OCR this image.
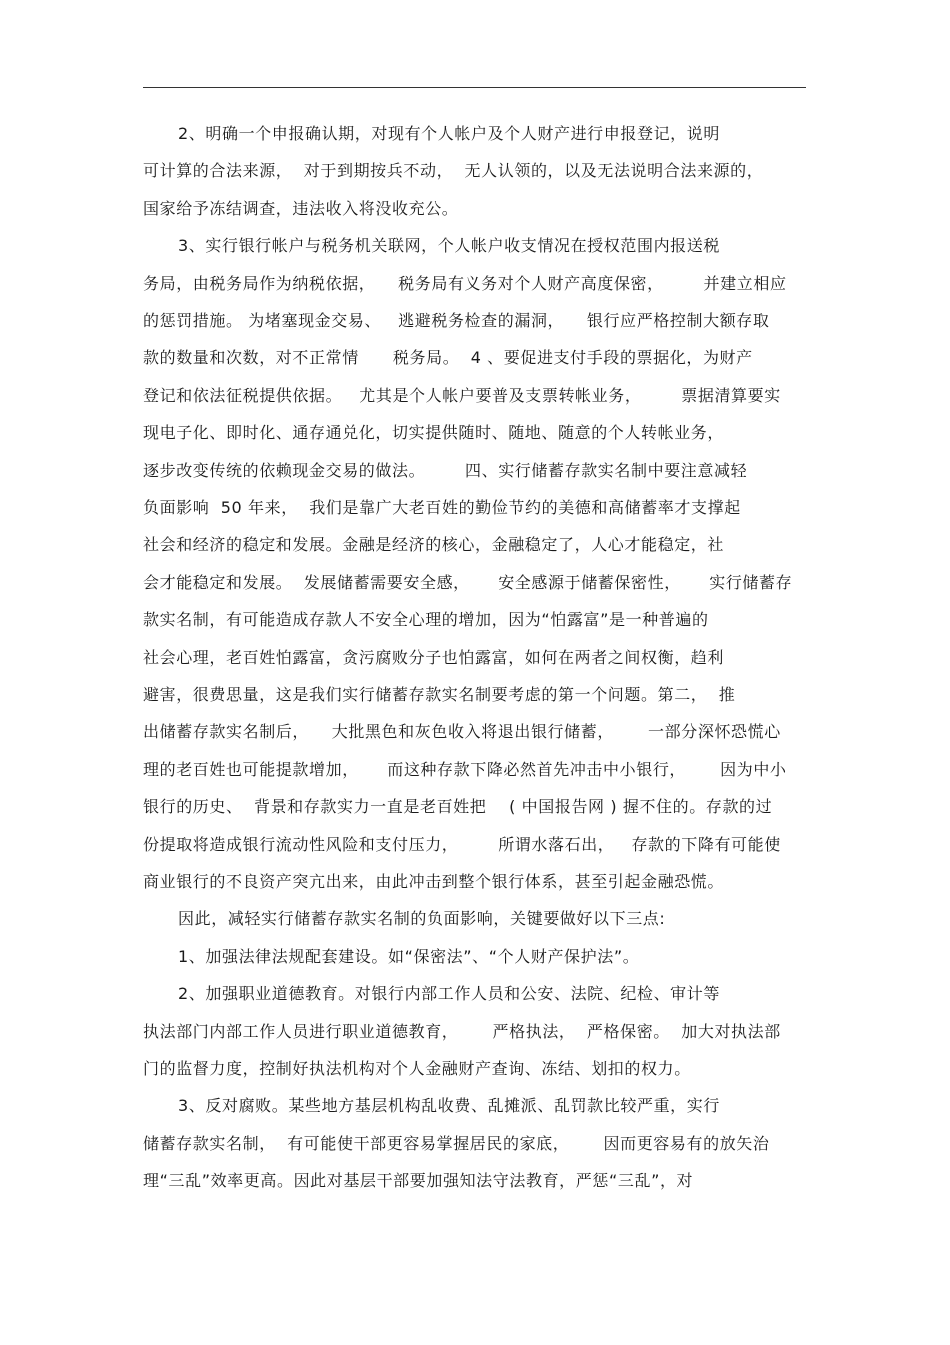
2、明确一个申报确认期，对现有个人帐户及个人财产进行申报登记，说明
可计算的合法来源，  对于到期按兵不动，  无人认领的，以及无法说明合法来源的，
国家给予冻结调查，违法收入将没收充公。
3、实行银行帐户与税务机关联网，个人帐户收支情况在授权范围内报送税
务局，由税务局作为纳税依据，    税务局有义务对个人财产高度保密，       并建立相应
的惩罚措施。 为堵塞现金交易、   逃避税务检查的漏洞，    银行应严格控制大额存取
款的数量和次数，对不正常情      税务局。  4 、要促进支付手段的票据化，为财产
登记和依法征税提供依据。   尤其是个人帐户要普及支票转帐业务，       票据清算要实
现电子化、即时化、通存通兑化，切实提供随时、随地、随意的个人转帐业务，
逐步改变传统的依赖现金交易的做法。       四、实行储蓄存款实名制中要注意减轻
负面影响  50 年来，  我们是靠广大老百姓的勤俭节约的美德和高储蓄率才支撑起
社会和经济的稳定和发展。金融是经济的核心，金融稳定了，人心才能稳定，社
会才能稳定和发展。  发展储蓄需要安全感，     安全感源于储蓄保密性，     实行储蓄存
款实名制，有可能造成存款人不安全心理的增加，因为“怕露富”是一种普遍的
社会心理，老百姓怕露富，贪污腐败分子也怕露富，如何在两者之间权衡，趋利
避害，很费思量，这是我们实行储蓄存款实名制要考虑的第一个问题。第二，  推
出储蓄存款实名制后，    大批黑色和灰色收入将退出银行储蓄，      一部分深怀恐慌心
理的老百姓也可能提款增加，     而这种存款下降必然首先冲击中小银行，      因为中小
银行的历史、  背景和存款实力一直是老百姓把    ( 中国报告网 ) 握不住的。存款的过
份提取将造成银行流动性风险和支付压力，       所谓水落石出，   存款的下降有可能使
商业银行的不良资产突亢出来，由此冲击到整个银行体系，甚至引起金融恐慌。
因此，减轻实行储蓄存款实名制的负面影响，关键要做好以下三点:
1、加强法律法规配套建设。如“保密法”、“个人财产保护法”。
2、加强职业道德教育。对银行内部工作人员和公安、法院、纪检、审计等
执法部门内部工作人员进行职业道德教育，      严格执法，  严格保密。  加大对执法部
门的监督力度，控制好执法机构对个人金融财产查询、冻结、划扣的权力。
3、反对腐败。某些地方基层机构乱收费、乱摊派、乱罚款比较严重，实行
储蓄存款实名制，  有可能使干部更容易掌握居民的家底，      因而更容易有的放矢治
理“三乱”效率更高。因此对基层干部要加强知法守法教育，严惩“三乱”，对
